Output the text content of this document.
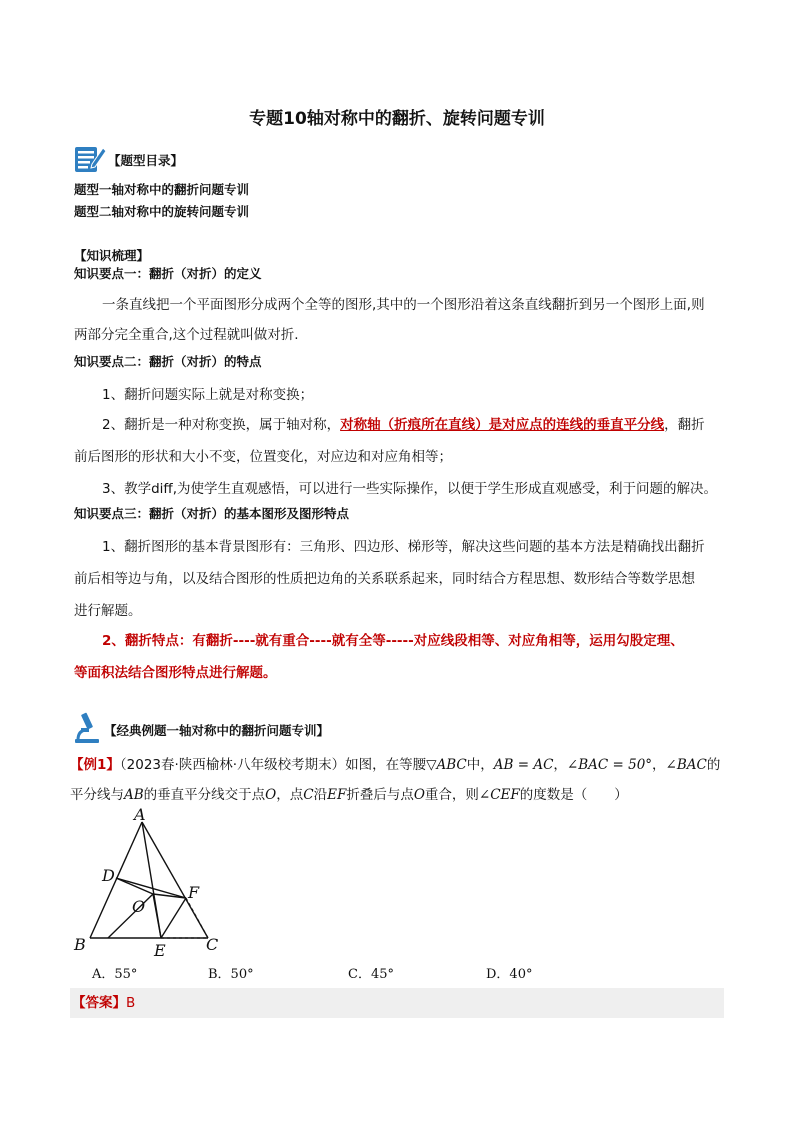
专题10轴对称中的翻折、旋转问题专训
【题型目录】
题型一轴对称中的翻折问题专训
题型二轴对称中的旋转问题专训
【知识梳理】
知识要点一：翻折（对折）的定义
一条直线把一个平面图形分成两个全等的图形,其中的一个图形沿着这条直线翻折到另一个图形上面,则
两部分完全重合,这个过程就叫做对折.
知识要点二：翻折（对折）的特点
1、翻折问题实际上就是对称变换；
2、翻折是一种对称变换，属于轴对称，对称轴（折痕所在直线）是对应点的连线的垂直平分线，翻折
前后图形的形状和大小不变，位置变化，对应边和对应角相等；
3、教学diff,为使学生直观感悟，可以进行一些实际操作，以便于学生形成直观感受，利于问题的解决。
知识要点三：翻折（对折）的基本图形及图形特点
1、翻折图形的基本背景图形有：三角形、四边形、梯形等，解决这些问题的基本方法是精确找出翻折
前后相等边与角，以及结合图形的性质把边角的关系联系起来，同时结合方程思想、数形结合等数学思想
进行解题。
2、翻折特点：有翻折----就有重合----就有全等-----对应线段相等、对应角相等，运用勾股定理、
等面积法结合图形特点进行解题。
【经典例题一轴对称中的翻折问题专训】
【例1】（2023春·陕西榆林·八年级校考期末）如图，在等腰▽ABC中，AB = AC，∠BAC = 50°，∠BAC的
平分线与AB的垂直平分线交于点O，点C沿EF折叠后与点O重合，则∠CEF的度数是（　　）
A
D
F
O
B	E	C
A．55°	B．50°	C．45°	D．40°
【答案】B
